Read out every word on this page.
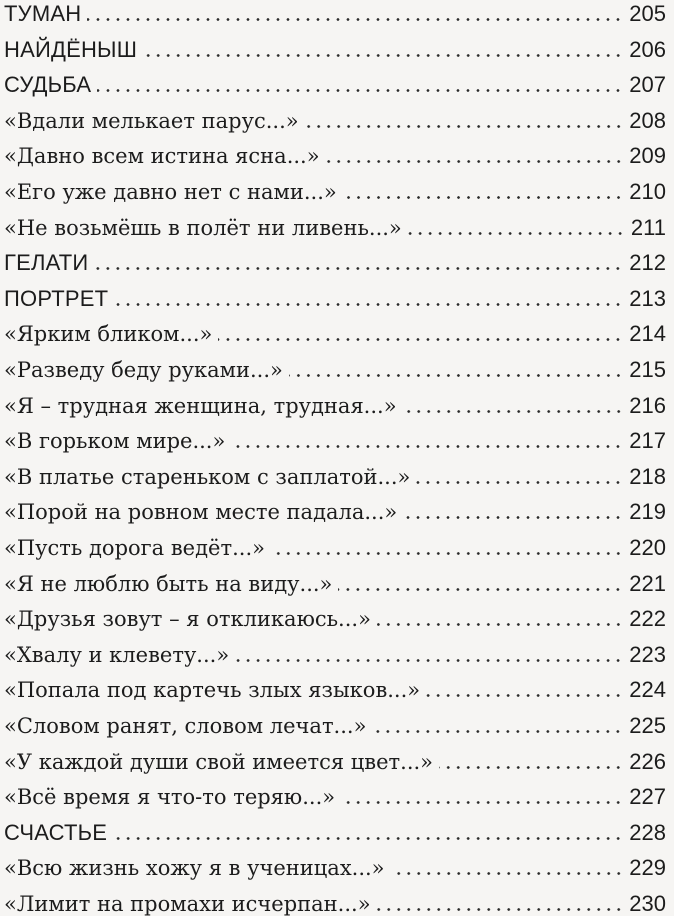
ТУМАН	205
НАЙДЁНЫШ	206
СУДЬБА	207
«Вдали мелькает парус...»	208
«Давно всем истина ясна...»	209
«Его уже давно нет с нами...»	210
«Не возьмёшь в полёт ни ливень...»	211
ГЕЛАТИ	212
ПОРТРЕТ	213
«Ярким бликом...»	214
«Разведу беду руками...»	215
«Я – трудная женщина, трудная...»	216
«В горьком мире...»	217
«В платье стареньком с заплатой...»	218
«Порой на ровном месте падала...»	219
«Пусть дорога ведёт...»	220
«Я не люблю быть на виду...»	221
«Друзья зовут – я откликаюсь...»	222
«Хвалу и клевету...»	223
«Попала под картечь злых языков...»	224
«Словом ранят, словом лечат...»	225
«У каждой души свой имеется цвет...»	226
«Всё время я что-то теряю...»	227
СЧАСТЬЕ	228
«Всю жизнь хожу я в ученицах...»	229
«Лимит на промахи исчерпан...»	230
